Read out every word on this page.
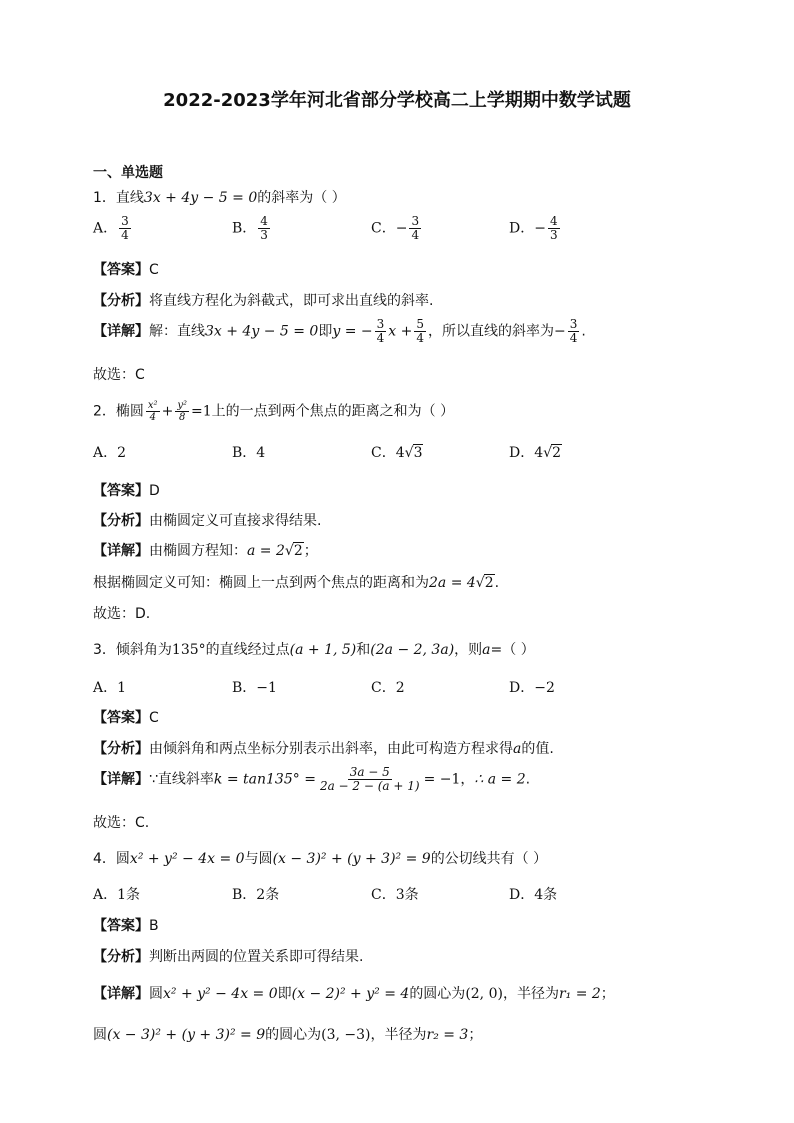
2022-2023学年河北省部分学校高二上学期期中数学试题
一、单选题
1．直线3x + 4y − 5 = 0的斜率为（ ）
A． $\frac{3}{4}$	B． $\frac{4}{3}$	C．− $\frac{3}{4}$	D．− $\frac{4}{3}$
【答案】C
【分析】将直线方程化为斜截式，即可求出直线的斜率.
【详解】解：直线3x + 4y − 5 = 0即y = − $\frac{3}{4}$ $x + \frac{5}{4}$ ，所以直线的斜率为− $\frac{3}{4}$ .
故选：C
2．椭圆 $\frac{\text{x²}}{4} + \frac{\text{y²}}{8} =1$上的一点到两个焦点的距离之和为（ ）
A．2	B．4	C．4√3	D．4√2
【答案】D
【分析】由椭圆定义可直接求得结果.
【详解】由椭圆方程知：a = 2√2；
根据椭圆定义可知：椭圆上一点到两个焦点的距离和为2a = 4√2.
故选：D.
3．倾斜角为135°的直线经过点(a + 1, 5)和(2a − 2, 3a)，则a=（ ）
A．1	B．−1	C．2	D．−2
【答案】C
【分析】由倾斜角和两点坐标分别表示出斜率，由此可构造方程求得a的值.
【详解】∵直线斜率$k = \tan 135^\circ = \frac{3a - 5}{2a - 2 - (a + 1)} = -1$，∴ a = 2.
故选：C.
4．圆x² + y² − 4x = 0与圆(x − 3)² + (y + 3)² = 9的公切线共有（ ）
A．1条	B．2条	C．3条	D．4条
【答案】B
【分析】判断出两圆的位置关系即可得结果.
【详解】圆x² + y² − 4x = 0即(x − 2)² + y² = 4的圆心为(2, 0)，半径为r₁ = 2；
圆(x − 3)² + (y + 3)² = 9的圆心为(3, −3)，半径为r₂ = 3；
